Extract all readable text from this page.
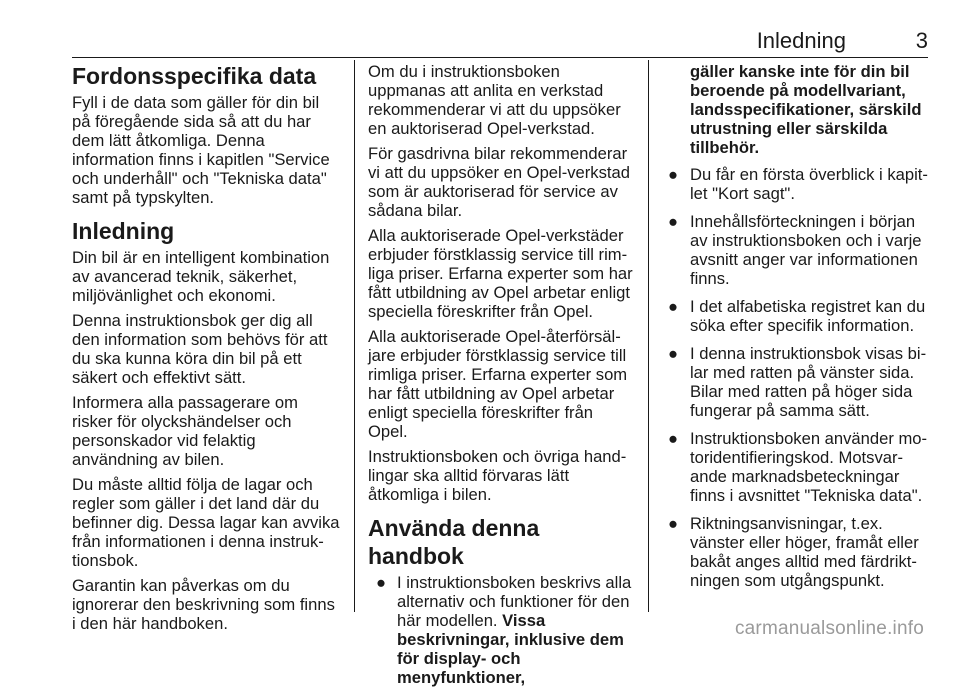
Inledning	3
Fordonsspecifika data

Fyll i de data som gäller för din bil på föregående sida så att du har dem lätt åtkomliga. Denna information finns i kapitlen "Service och underhåll" och "Tekniska data" samt på typskylten.

Inledning

Din bil är en intelligent kombination av avancerad teknik, säkerhet, miljövänlighet och ekonomi.

Denna instruktionsbok ger dig all den information som behövs för att du ska kunna köra din bil på ett säkert och effektivt sätt.

Informera alla passagerare om risker för olyckshändelser och personskador vid felaktig användning av bilen.

Du måste alltid följa de lagar och regler som gäller i det land där du befinner dig. Dessa lagar kan avvika från informationen i denna instruktionsbok.

Garantin kan påverkas om du ignorerar den beskrivning som finns i den här handboken.

Om du i instruktionsboken uppmanas att anlita en verkstad rekommenderar vi att du uppsöker en auktoriserad Opel-verkstad.

För gasdrivna bilar rekommenderar vi att du uppsöker en Opel-verkstad som är auktoriserad för service av sådana bilar.

Alla auktoriserade Opel-verkstäder erbjuder förstklassig service till rimliga priser. Erfarna experter som har fått utbildning av Opel arbetar enligt speciella föreskrifter från Opel.

Alla auktoriserade Opel-återförsäljare erbjuder förstklassig service till rimliga priser. Erfarna experter som har fått utbildning av Opel arbetar enligt speciella föreskrifter från Opel.

Instruktionsboken och övriga handlingar ska alltid förvaras lätt åtkomliga i bilen.

Använda denna handbok
● I instruktionsboken beskrivs alla alternativ och funktioner för den här modellen. Vissa beskrivningar, inklusive dem för display- och menyfunktioner,
gäller kanske inte för din bil beroende på modellvariant, landsspecifikationer, särskild utrustning eller särskilda tillbehör.
● Du får en första överblick i kapitlet "Kort sagt".
● Innehållsförteckningen i början av instruktionsboken och i varje avsnitt anger var informationen finns.
● I det alfabetiska registret kan du söka efter specifik information.
● I denna instruktionsbok visas bilar med ratten på vänster sida. Bilar med ratten på höger sida fungerar på samma sätt.
● Instruktionsboken använder motoridentifieringskod. Motsvarande marknadsbeteckningar finns i avsnittet "Tekniska data".
● Riktningsanvisningar, t.ex. vänster eller höger, framåt eller bakåt anges alltid med färdriktningen som utgångspunkt.
carmanualsonline.info
